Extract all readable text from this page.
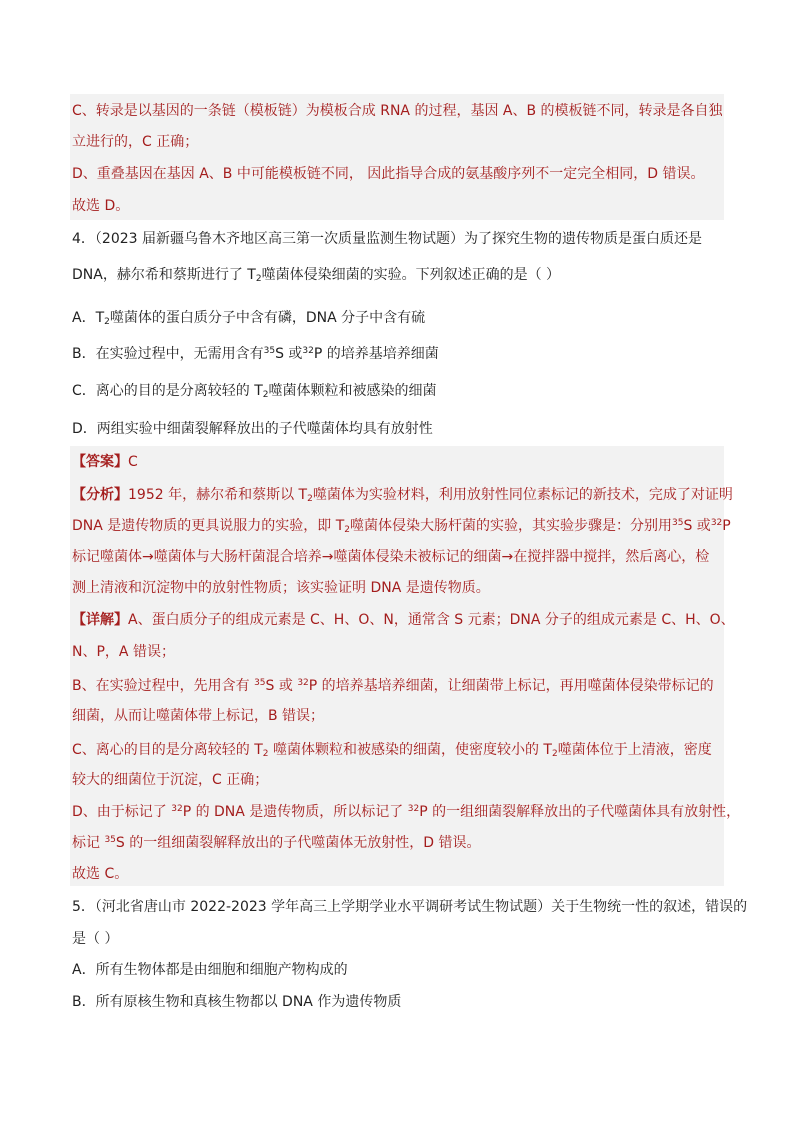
C、转录是以基因的一条链（模板链）为模板合成 RNA 的过程，基因 A、B 的模板链不同，转录是各自独
立进行的，C 正确；
D、重叠基因在基因 A、B 中可能模板链不同， 因此指导合成的氨基酸序列不一定完全相同，D 错误。
故选 D。
4．（2023 届新疆乌鲁木齐地区高三第一次质量监测生物试题）为了探究生物的遗传物质是蛋白质还是
DNA，赫尔希和蔡斯进行了 $T_2$噬菌体侵染细菌的实验。下列叙述正确的是（ ）
A．$T_2$噬菌体的蛋白质分子中含有磷，DNA 分子中含有硫
B．在实验过程中，无需用含有$^{35}$S 或$^{32}$P 的培养基培养细菌
C．离心的目的是分离较轻的 $T_2$噬菌体颗粒和被感染的细菌
D．两组实验中细菌裂解释放出的子代噬菌体均具有放射性
【答案】C
【分析】1952 年，赫尔希和蔡斯以 $T_2$噬菌体为实验材料，利用放射性同位素标记的新技术，完成了对证明
DNA 是遗传物质的更具说服力的实验，即 $T_2$噬菌体侵染大肠杆菌的实验，其实验步骤是：分别用$^{35}$S 或$^{32}$P
标记噬菌体→噬菌体与大肠杆菌混合培养→噬菌体侵染未被标记的细菌→在搅拌器中搅拌，然后离心，检
测上清液和沉淀物中的放射性物质；该实验证明 DNA 是遗传物质。
【详解】A、蛋白质分子的组成元素是 C、H、O、N，通常含 S 元素；DNA 分子的组成元素是 C、H、O、
N、P，A 错误；
B、在实验过程中，先用含有 $^{35}$S 或 $^{32}$P 的培养基培养细菌，让细菌带上标记，再用噬菌体侵染带标记的
细菌，从而让噬菌体带上标记，B 错误；
C、离心的目的是分离较轻的 $T_2$ 噬菌体颗粒和被感染的细菌，使密度较小的 $T_2$噬菌体位于上清液，密度
较大的细菌位于沉淀，C 正确；
D、由于标记了 $^{32}$P 的 DNA 是遗传物质，所以标记了 $^{32}$P 的一组细菌裂解释放出的子代噬菌体具有放射性，
标记 $^{35}$S 的一组细菌裂解释放出的子代噬菌体无放射性，D 错误。
故选 C。
5．（河北省唐山市 2022-2023 学年高三上学期学业水平调研考试生物试题）关于生物统一性的叙述，错误的
是（ ）
A．所有生物体都是由细胞和细胞产物构成的
B．所有原核生物和真核生物都以 DNA 作为遗传物质
